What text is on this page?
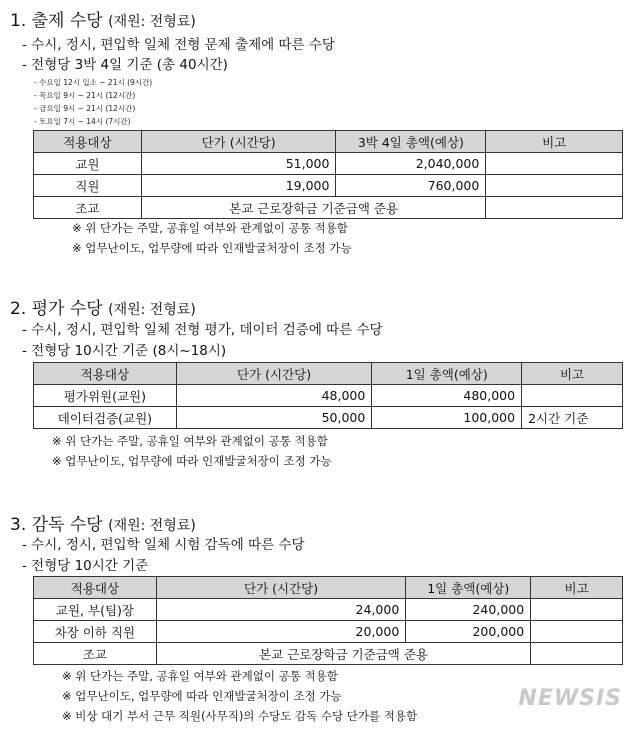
1. 출제 수당 (재원: 전형료)
- 수시, 정시, 편입학 일체 전형 문제 출제에 따른 수당
- 전형당 3박 4일 기준 (총 40시간)
- 수요일 12시 입소 ~ 21시 (9시간)
- 목요일 9시 ~ 21시 (12시간)
- 금요일 9시 ~ 21시 (12시간)
- 토요일 7시 ~ 14시 (7시간)
적용대상	단가 (시간당)	3박 4일 총액(예상)	비고
교원	51,000	2,040,000	
직원	19,000	760,000	
조교	본교 근로장학금 기준금액 준용		
※ 위 단가는 주말, 공휴일 여부와 관계없이 공통 적용함
※ 업무난이도, 업무량에 따라 인재발굴처장이 조정 가능
2. 평가 수당 (재원: 전형료)
- 수시, 정시, 편입학 일체 전형 평가, 데이터 검증에 따른 수당
- 전형당 10시간 기준 (8시~18시)
적용대상	단가 (시간당)	1일 총액(예상)	비고
평가위원(교원)	48,000	480,000	
데이터검증(교원)	50,000	100,000	2시간 기준
※ 위 단가는 주말, 공휴일 여부와 관계없이 공통 적용함
※ 업무난이도, 업무량에 따라 인재발굴처장이 조정 가능
3. 감독 수당 (재원: 전형료)
- 수시, 정시, 편입학 일체 시험 감독에 따른 수당
- 전형당 10시간 기준
적용대상	단가 (시간당)	1일 총액(예상)	비고
교원, 부(팀)장	24,000	240,000	
차장 이하 직원	20,000	200,000	
조교	본교 근로장학금 기준금액 준용		
※ 위 단가는 주말, 공휴일 여부와 관계없이 공통 적용함
※ 업무난이도, 업무량에 따라 인재발굴처장이 조정 가능
※ 비상 대기 부서 근무 직원(사무직)의 수당도 감독 수당 단가를 적용함
NEWSIS
